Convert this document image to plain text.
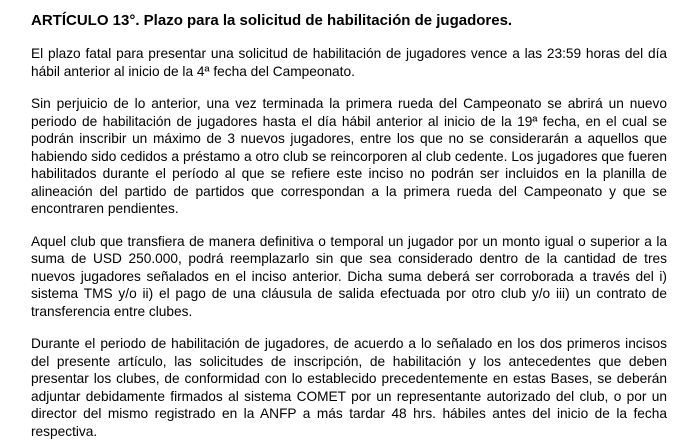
ARTÍCULO 13°. Plazo para la solicitud de habilitación de jugadores.

El plazo fatal para presentar una solicitud de habilitación de jugadores vence a las 23:59 horas del día hábil anterior al inicio de la 4ª fecha del Campeonato.

Sin perjuicio de lo anterior, una vez terminada la primera rueda del Campeonato se abrirá un nuevo periodo de habilitación de jugadores hasta el día hábil anterior al inicio de la 19ª fecha, en el cual se podrán inscribir un máximo de 3 nuevos jugadores, entre los que no se considerarán a aquellos que habiendo sido cedidos a préstamo a otro club se reincorporen al club cedente. Los jugadores que fueren habilitados durante el período al que se refiere este inciso no podrán ser incluidos en la planilla de alineación del partido de partidos que correspondan a la primera rueda del Campeonato y que se encontraren pendientes.

Aquel club que transfiera de manera definitiva o temporal un jugador por un monto igual o superior a la suma de USD 250.000, podrá reemplazarlo sin que sea considerado dentro de la cantidad de tres nuevos jugadores señalados en el inciso anterior. Dicha suma deberá ser corroborada a través del i) sistema TMS y/o ii) el pago de una cláusula de salida efectuada por otro club y/o iii) un contrato de transferencia entre clubes.

Durante el periodo de habilitación de jugadores, de acuerdo a lo señalado en los dos primeros incisos del presente artículo, las solicitudes de inscripción, de habilitación y los antecedentes que deben presentar los clubes, de conformidad con lo establecido precedentemente en estas Bases, se deberán adjuntar debidamente firmados al sistema COMET por un representante autorizado del club, o por un director del mismo registrado en la ANFP a más tardar 48 hrs. hábiles antes del inicio de la fecha respectiva.
